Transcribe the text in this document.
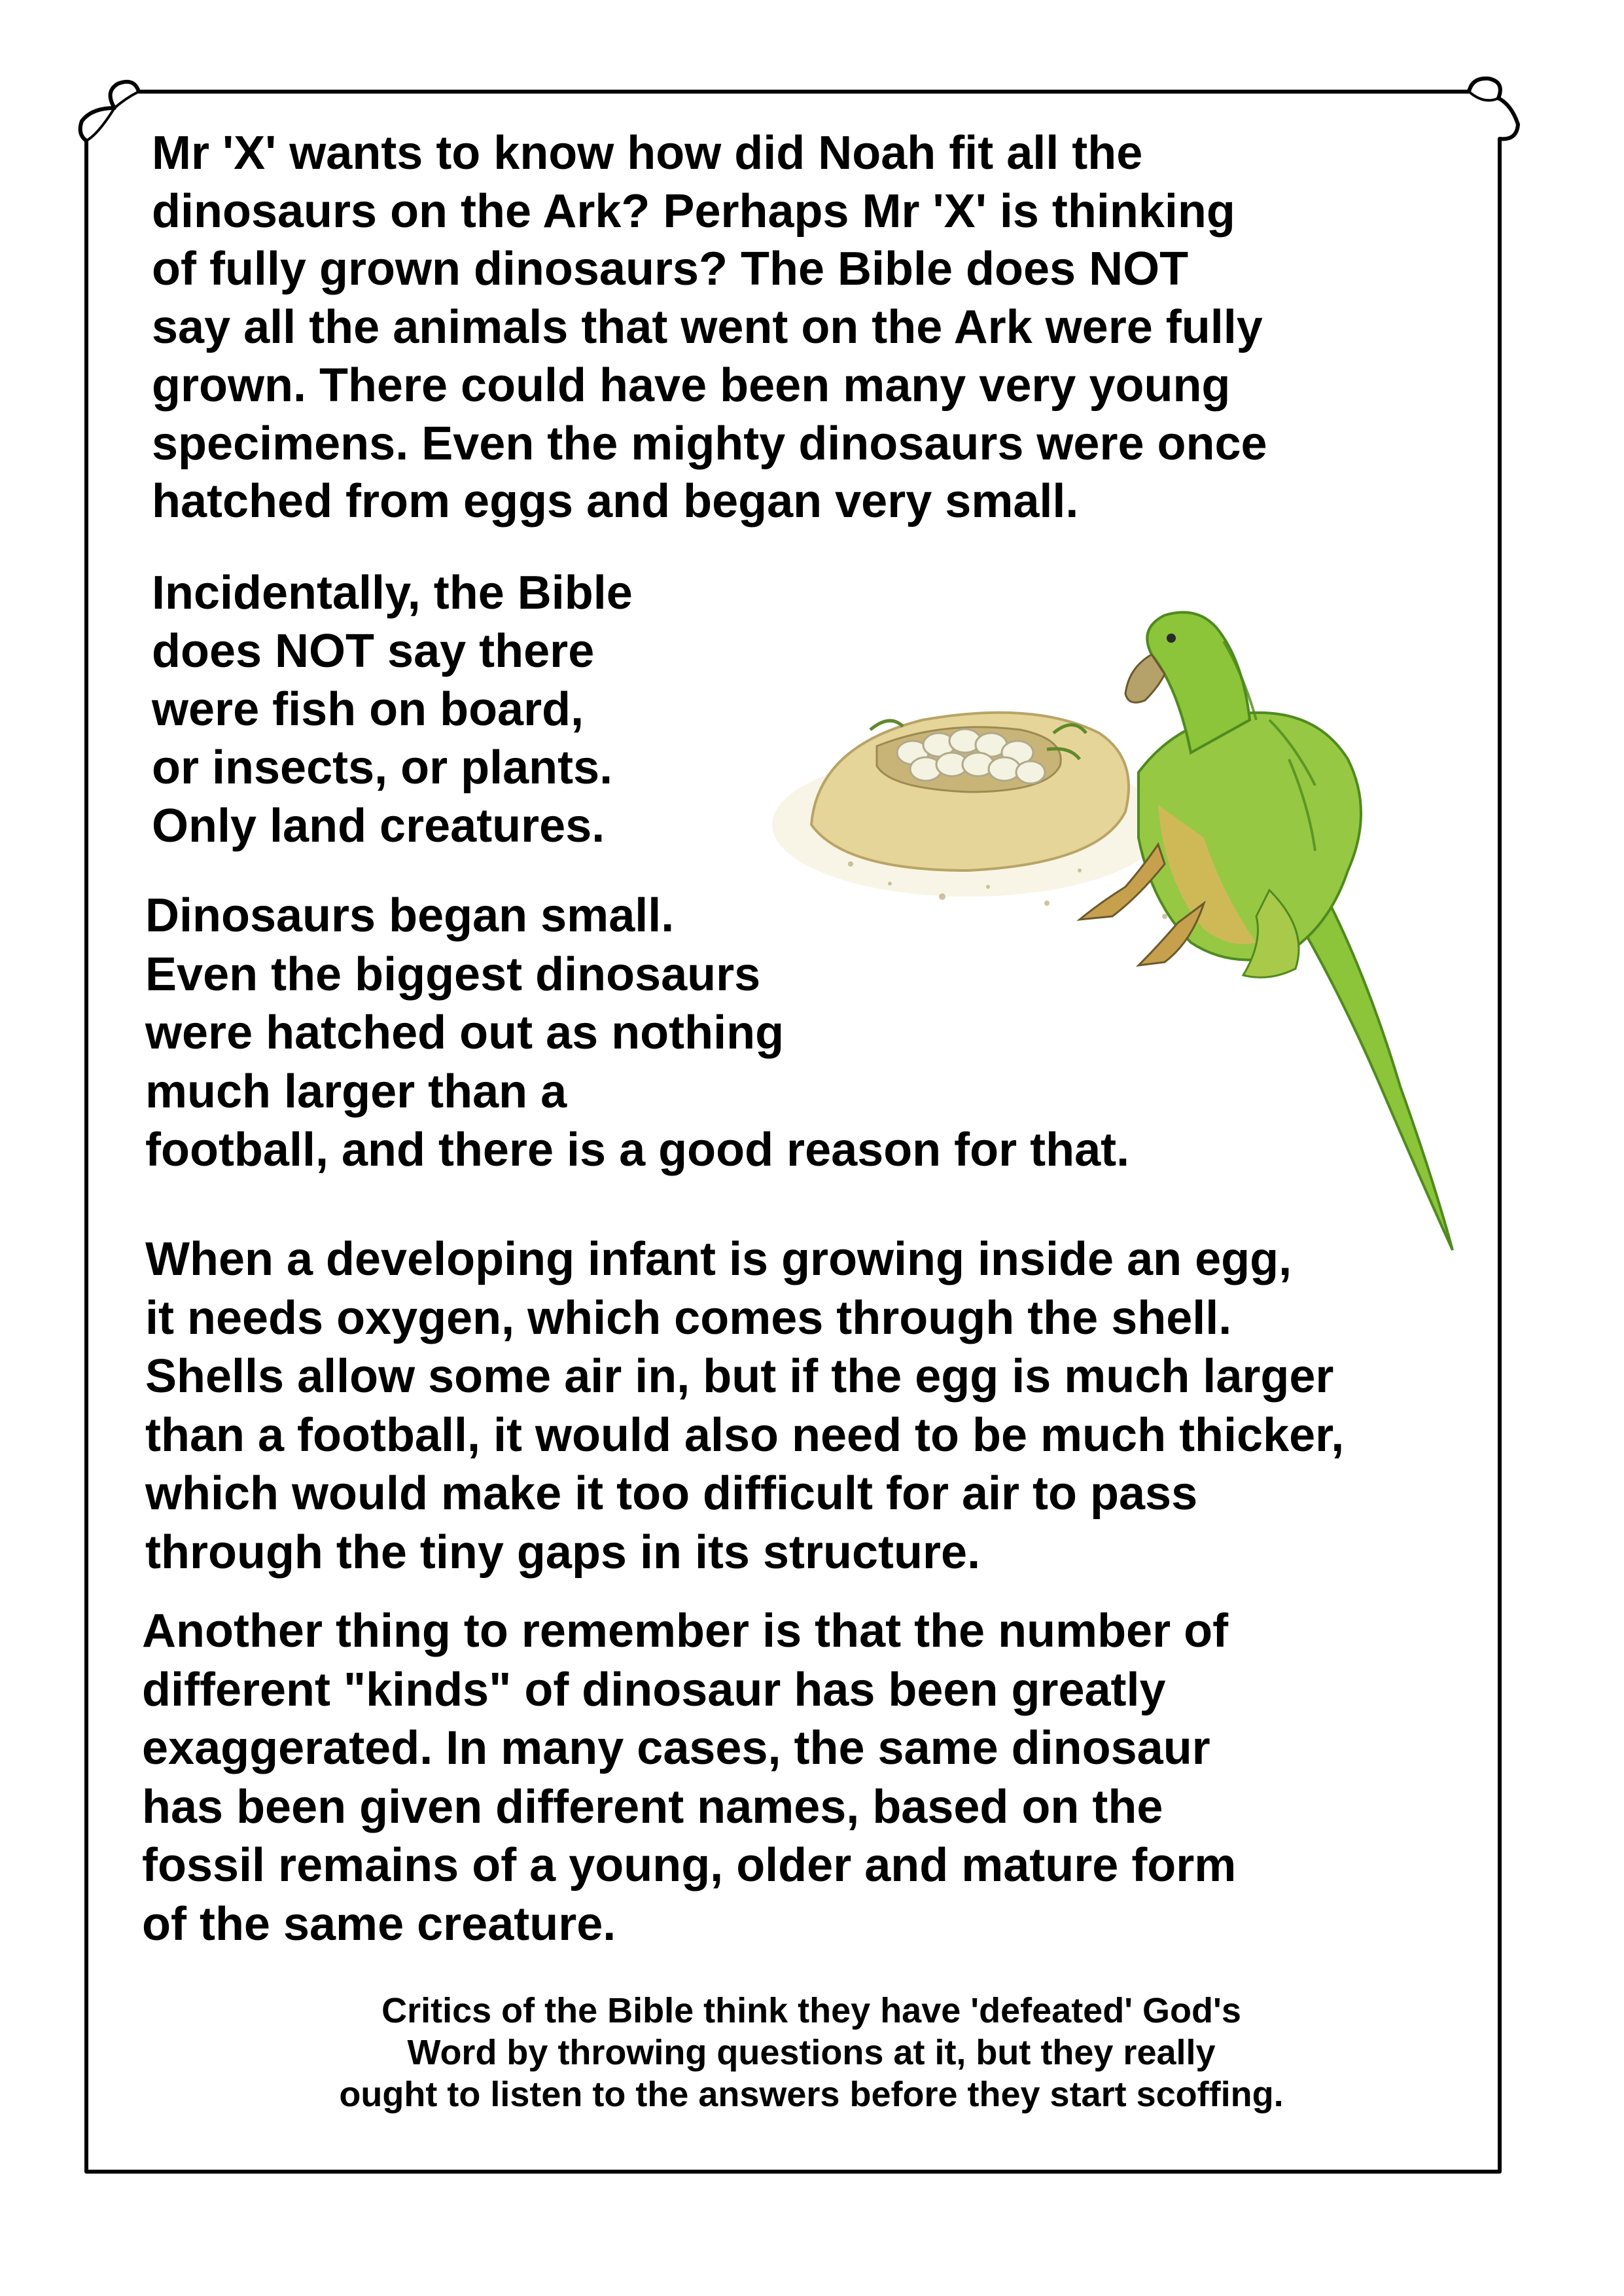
Mr 'X' wants to know how did Noah fit all the
dinosaurs on the Ark? Perhaps Mr 'X' is thinking
of fully grown dinosaurs? The Bible does NOT
say all the animals that went on the Ark were fully
grown. There could have been many very young
specimens. Even the mighty dinosaurs were once
hatched from eggs and began very small.
Incidentally, the Bible
does NOT say there
were fish on board,
or insects, or plants.
Only land creatures.
Dinosaurs began small.
Even the biggest dinosaurs
were hatched out as nothing
much larger than a
football, and there is a good reason for that.
When a developing infant is growing inside an egg,
it needs oxygen, which comes through the shell.
Shells allow some air in, but if the egg is much larger
than a football, it would also need to be much thicker,
which would make it too difficult for air to pass
through the tiny gaps in its structure.
Another thing to remember is that the number of
different "kinds" of dinosaur has been greatly
exaggerated. In many cases, the same dinosaur
has been given different names, based on the
fossil remains of a young, older and mature form
of the same creature.
Critics of the Bible think they have 'defeated' God's
Word by throwing questions at it, but they really
ought to listen to the answers before they start scoffing.
